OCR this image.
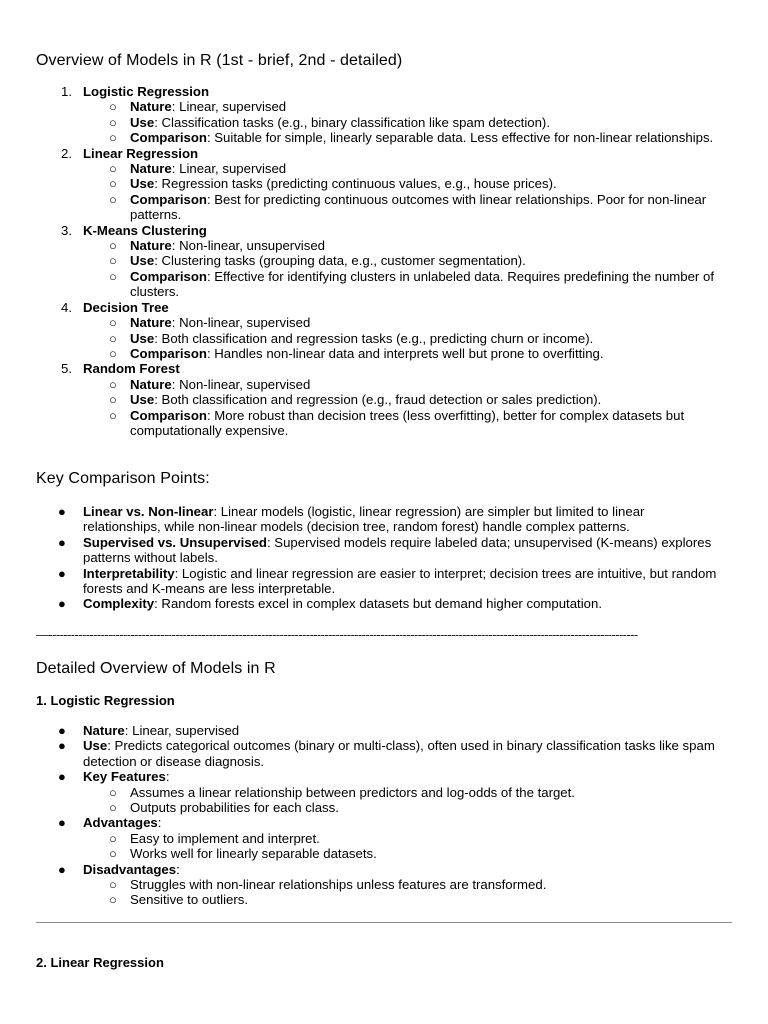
Overview of Models in R (1st - brief, 2nd - detailed)
1. Logistic Regression
○ Nature: Linear, supervised
○ Use: Classification tasks (e.g., binary classification like spam detection).
○ Comparison: Suitable for simple, linearly separable data. Less effective for non-linear relationships.
2. Linear Regression
○ Nature: Linear, supervised
○ Use: Regression tasks (predicting continuous values, e.g., house prices).
○ Comparison: Best for predicting continuous outcomes with linear relationships. Poor for non-linear patterns.
3. K-Means Clustering
○ Nature: Non-linear, unsupervised
○ Use: Clustering tasks (grouping data, e.g., customer segmentation).
○ Comparison: Effective for identifying clusters in unlabeled data. Requires predefining the number of clusters.
4. Decision Tree
○ Nature: Non-linear, supervised
○ Use: Both classification and regression tasks (e.g., predicting churn or income).
○ Comparison: Handles non-linear data and interprets well but prone to overfitting.
5. Random Forest
○ Nature: Non-linear, supervised
○ Use: Both classification and regression (e.g., fraud detection or sales prediction).
○ Comparison: More robust than decision trees (less overfitting), better for complex datasets but computationally expensive.
Key Comparison Points:
● Linear vs. Non-linear: Linear models (logistic, linear regression) are simpler but limited to linear relationships, while non-linear models (decision tree, random forest) handle complex patterns.
● Supervised vs. Unsupervised: Supervised models require labeled data; unsupervised (K-means) explores patterns without labels.
● Interpretability: Logistic and linear regression are easier to interpret; decision trees are intuitive, but random forests and K-means are less interpretable.
● Complexity: Random forests excel in complex datasets but demand higher computation.
—--------------------------------------------------------------------------------------------------------------------------------------------------------------
Detailed Overview of Models in R
1. Logistic Regression
● Nature: Linear, supervised
● Use: Predicts categorical outcomes (binary or multi-class), often used in binary classification tasks like spam detection or disease diagnosis.
● Key Features:
○ Assumes a linear relationship between predictors and log-odds of the target.
○ Outputs probabilities for each class.
● Advantages:
○ Easy to implement and interpret.
○ Works well for linearly separable datasets.
● Disadvantages:
○ Struggles with non-linear relationships unless features are transformed.
○ Sensitive to outliers.
2. Linear Regression
